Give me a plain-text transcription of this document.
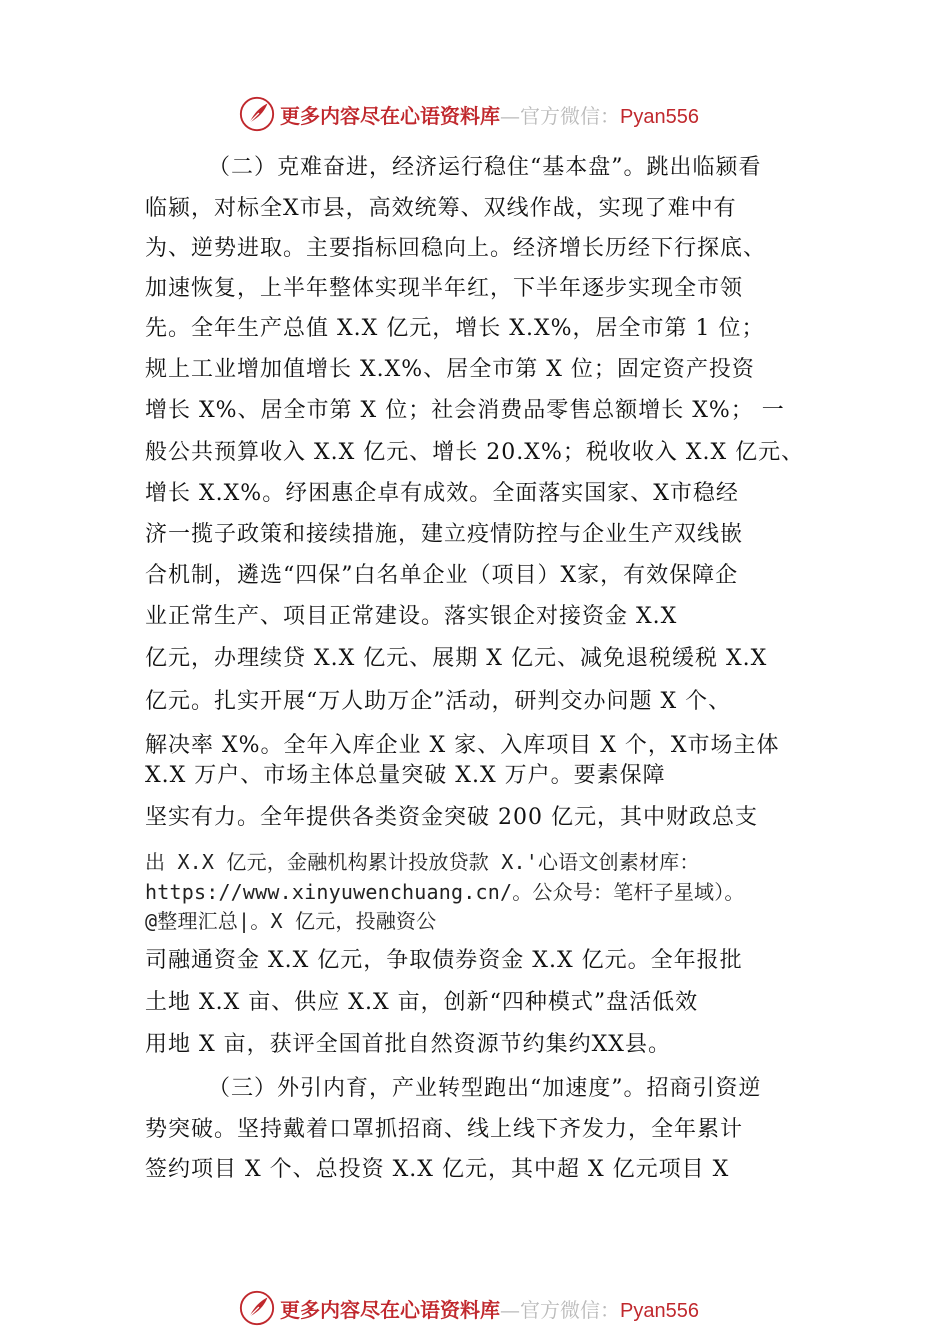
更多内容尽在心语资料库—官方微信：Pyan556

（二）克难奋进，经济运行稳住“基本盘”。跳出临颍看

临颍，对标全X市县，高效统筹、双线作战，实现了难中有

为、逆势进取。主要指标回稳向上。经济增长历经下行探底、

加速恢复，上半年整体实现半年红，下半年逐步实现全市领

先。全年生产总值 X.X 亿元，增长 X.X%，居全市第 1 位；

规上工业增加值增长 X.X%、居全市第 X 位；固定资产投资

增长 X%、居全市第 X 位；社会消费品零售总额增长 X%； 一

般公共预算收入 X.X 亿元、增长 20.X%；税收收入 X.X 亿元、

增长 X.X%。纾困惠企卓有成效。全面落实国家、X市稳经

济一揽子政策和接续措施，建立疫情防控与企业生产双线嵌

合机制，遴选“四保”白名单企业（项目）X家，有效保障企

业正常生产、项目正常建设。落实银企对接资金 X.X

亿元，办理续贷 X.X 亿元、展期 X 亿元、减免退税缓税 X.X

亿元。扎实开展“万人助万企”活动，研判交办问题 X 个、

解决率 X%。全年入库企业 X 家、入库项目 X 个，X市场主体

X.X 万户、市场主体总量突破 X.X 万户。要素保障

坚实有力。全年提供各类资金突破 200 亿元，其中财政总支

出 X.X 亿元，金融机构累计投放贷款 X.'心语文创素材库：

https://www.xinyuwenchuang.cn/。公众号：笔杆子星域）。

@整理汇总|。X 亿元，投融资公

司融通资金 X.X 亿元，争取债券资金 X.X 亿元。全年报批

土地 X.X 亩、供应 X.X 亩，创新“四种模式”盘活低效

用地 X 亩，获评全国首批自然资源节约集约XX县。

（三）外引内育，产业转型跑出“加速度”。招商引资逆

势突破。坚持戴着口罩抓招商、线上线下齐发力，全年累计

签约项目 X 个、总投资 X.X 亿元，其中超 X 亿元项目 X

更多内容尽在心语资料库—官方微信：Pyan556
